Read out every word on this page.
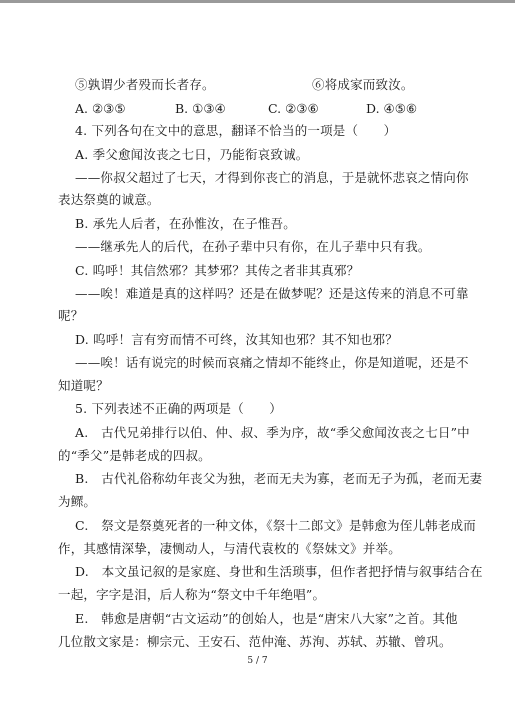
⑤孰谓少者殁而长者存。	⑥将成家而致汝。
A. ②③⑤	B. ①③④	C. ②③⑥	D. ④⑤⑥
4. 下列各句在文中的意思，翻译不恰当的一项是（　　）
A. 季父愈闻汝丧之七日，乃能衔哀致诚。
——你叔父超过了七天，才得到你丧亡的消息，于是就怀悲哀之情向你
表达祭奠的诚意。
B. 承先人后者，在孙惟汝，在子惟吾。
——继承先人的后代，在孙子辈中只有你，在儿子辈中只有我。
C. 呜呼！其信然邪？其梦邪？其传之者非其真邪？
——唉！难道是真的这样吗？还是在做梦呢？还是这传来的消息不可靠
呢？
D. 呜呼！言有穷而情不可终，汝其知也邪？其不知也邪？
——唉！话有说完的时候而哀痛之情却不能终止，你是知道呢，还是不
知道呢？
5. 下列表述不正确的两项是（　　）
A.　古代兄弟排行以伯、仲、叔、季为序，故“季父愈闻汝丧之七日”中
的“季父”是韩老成的四叔。
B.　古代礼俗称幼年丧父为独，老而无夫为寡，老而无子为孤，老而无妻
为鳏。
C.　祭文是祭奠死者的一种文体，《祭十二郎文》是韩愈为侄儿韩老成而
作，其感情深挚，凄恻动人，与清代袁枚的《祭妹文》并举。
D.　本文虽记叙的是家庭、身世和生活琐事，但作者把抒情与叙事结合在
一起，字字是泪，后人称为“祭文中千年绝唱”。
E.　韩愈是唐朝“古文运动”的创始人，也是“唐宋八大家”之首。其他
几位散文家是：柳宗元、王安石、范仲淹、苏洵、苏轼、苏辙、曾巩。
5 / 7
